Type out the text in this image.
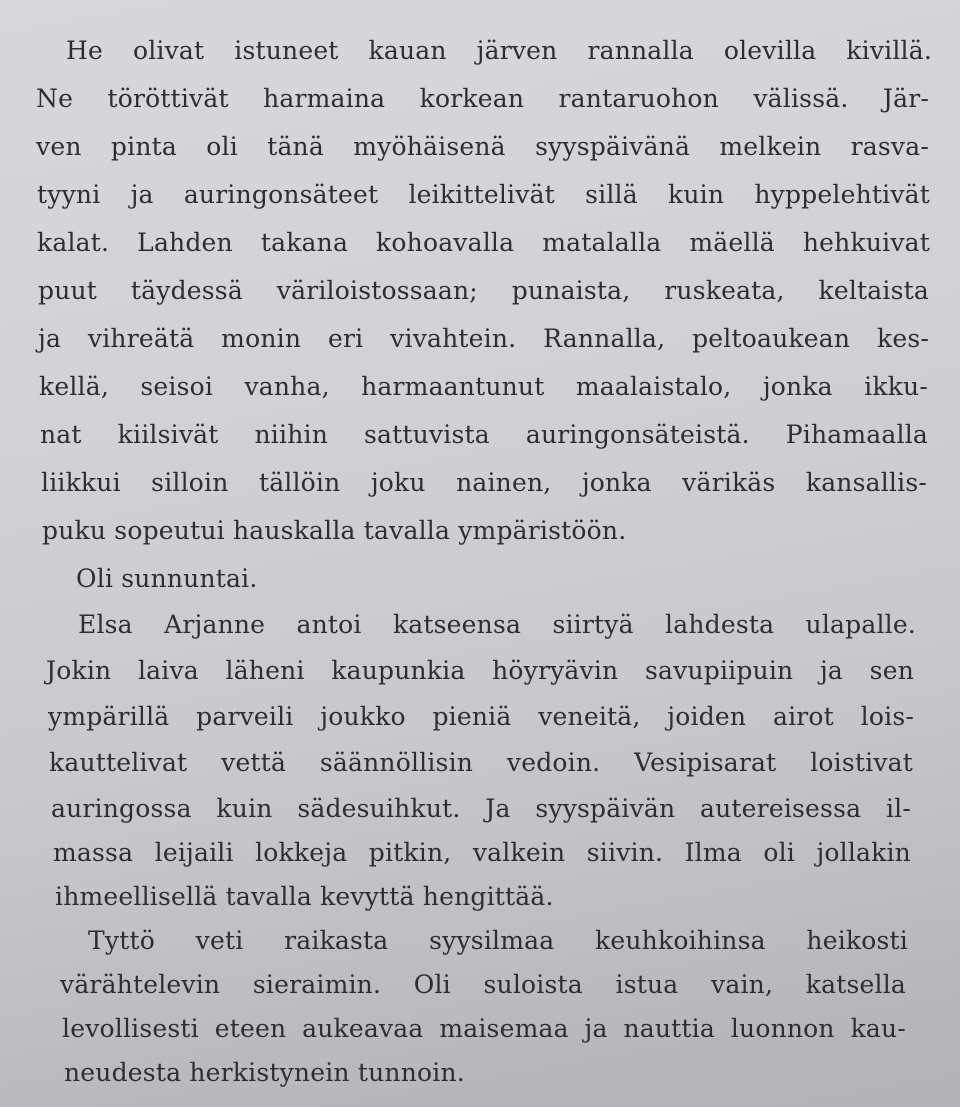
He olivat istuneet kauan järven rannalla olevilla kivillä.
Ne töröttivät harmaina korkean rantaruohon välissä. Jär-
ven pinta oli tänä myöhäisenä syyspäivänä melkein rasva-
tyyni ja auringonsäteet leikittelivät sillä kuin hyppelehtivät
kalat. Lahden takana kohoavalla matalalla mäellä hehkuivat
puut täydessä väriloistossaan; punaista, ruskeata, keltaista
ja vihreätä monin eri vivahtein. Rannalla, peltoaukean kes-
kellä, seisoi vanha, harmaantunut maalaistalo, jonka ikku-
nat kiilsivät niihin sattuvista auringonsäteistä. Pihamaalla
liikkui silloin tällöin joku nainen, jonka värikäs kansallis-
puku sopeutui hauskalla tavalla ympäristöön.
Oli sunnuntai.
Elsa Arjanne antoi katseensa siirtyä lahdesta ulapalle.
Jokin laiva läheni kaupunkia höyryävin savupiipuin ja sen
ympärillä parveili joukko pieniä veneitä, joiden airot lois-
kauttelivat vettä säännöllisin vedoin. Vesipisarat loistivat
auringossa kuin sädesuihkut. Ja syyspäivän autereisessa il-
massa leijaili lokkeja pitkin, valkein siivin. Ilma oli jollakin
ihmeellisellä tavalla kevyttä hengittää.
Tyttö veti raikasta syysilmaa keuhkoihinsa heikosti
värähtelevin sieraimin. Oli suloista istua vain, katsella
levollisesti eteen aukeavaa maisemaa ja nauttia luonnon kau-
neudesta herkistynein tunnoin.
